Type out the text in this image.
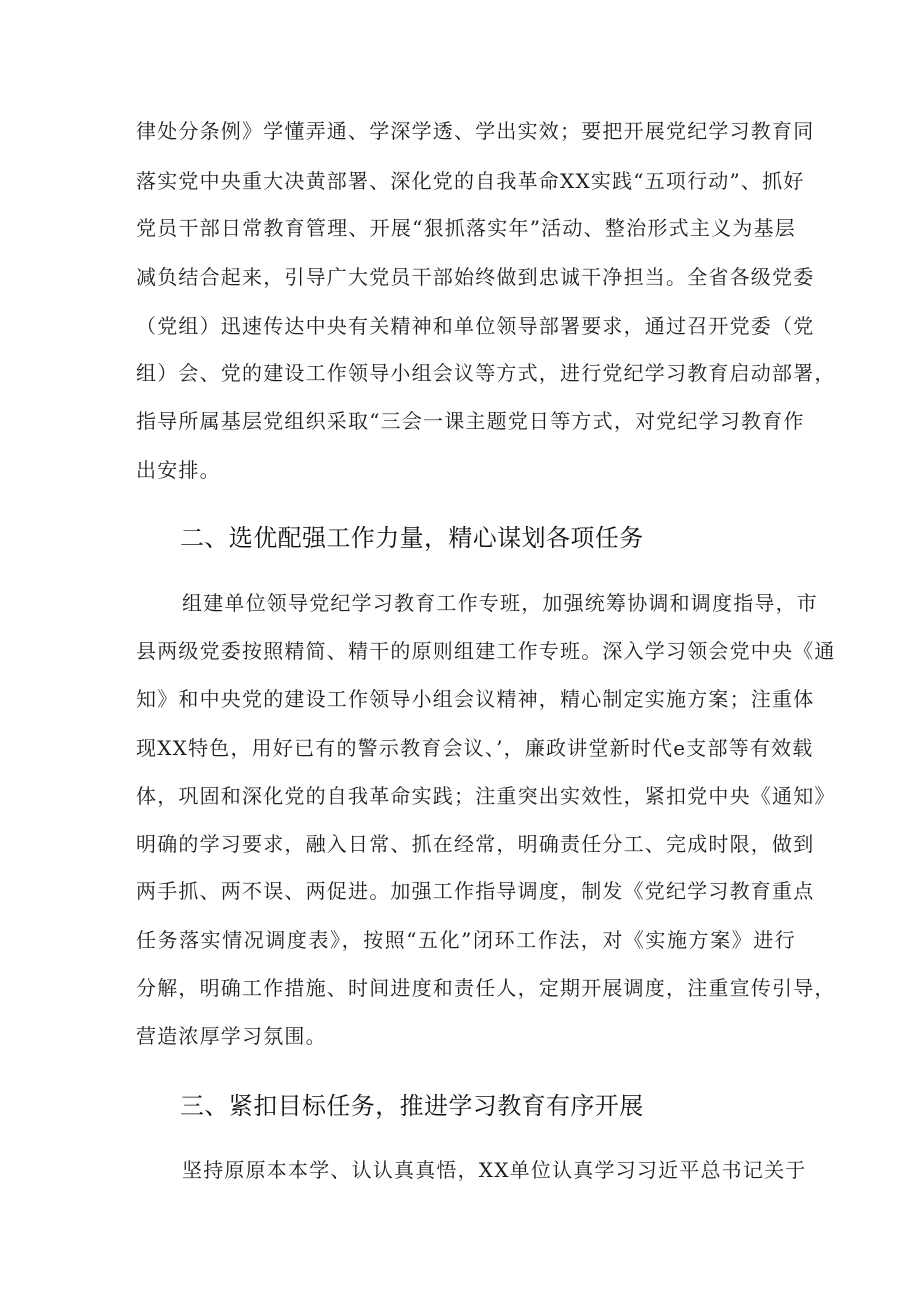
律处分条例》学懂弄通、学深学透、学出实效；要把开展党纪学习教育同
落实党中央重大决黄部署、深化党的自我革命XX实践“五项行动”、抓好
党员干部日常教育管理、开展“狠抓落实年”活动、整治形式主义为基层
减负结合起来，引导广大党员干部始终做到忠诚干净担当。全省各级党委
（党组）迅速传达中央有关精神和单位领导部署要求，通过召开党委（党
组）会、党的建设工作领导小组会议等方式，进行党纪学习教育启动部署，
指导所属基层党组织采取“三会一课主题党日等方式，对党纪学习教育作
出安排。
二、选优配强工作力量，精心谋划各项任务
组建单位领导党纪学习教育工作专班，加强统筹协调和调度指导，市
县两级党委按照精简、精干的原则组建工作专班。深入学习领会党中央《通
知》和中央党的建设工作领导小组会议精神，精心制定实施方案；注重体
现XX特色，用好已有的警示教育会议、’，廉政讲堂新时代e支部等有效载
体，巩固和深化党的自我革命实践；注重突出实效性，紧扣党中央《通知》
明确的学习要求，融入日常、抓在经常，明确责任分工、完成时限，做到
两手抓、两不误、两促进。加强工作指导调度，制发《党纪学习教育重点
任务落实情况调度表》，按照“五化”闭环工作法，对《实施方案》进行
分解，明确工作措施、时间进度和责任人，定期开展调度，注重宣传引导，
营造浓厚学习氛围。
三、紧扣目标任务，推进学习教育有序开展
坚持原原本本学、认认真真悟，XX单位认真学习习近平总书记关于
